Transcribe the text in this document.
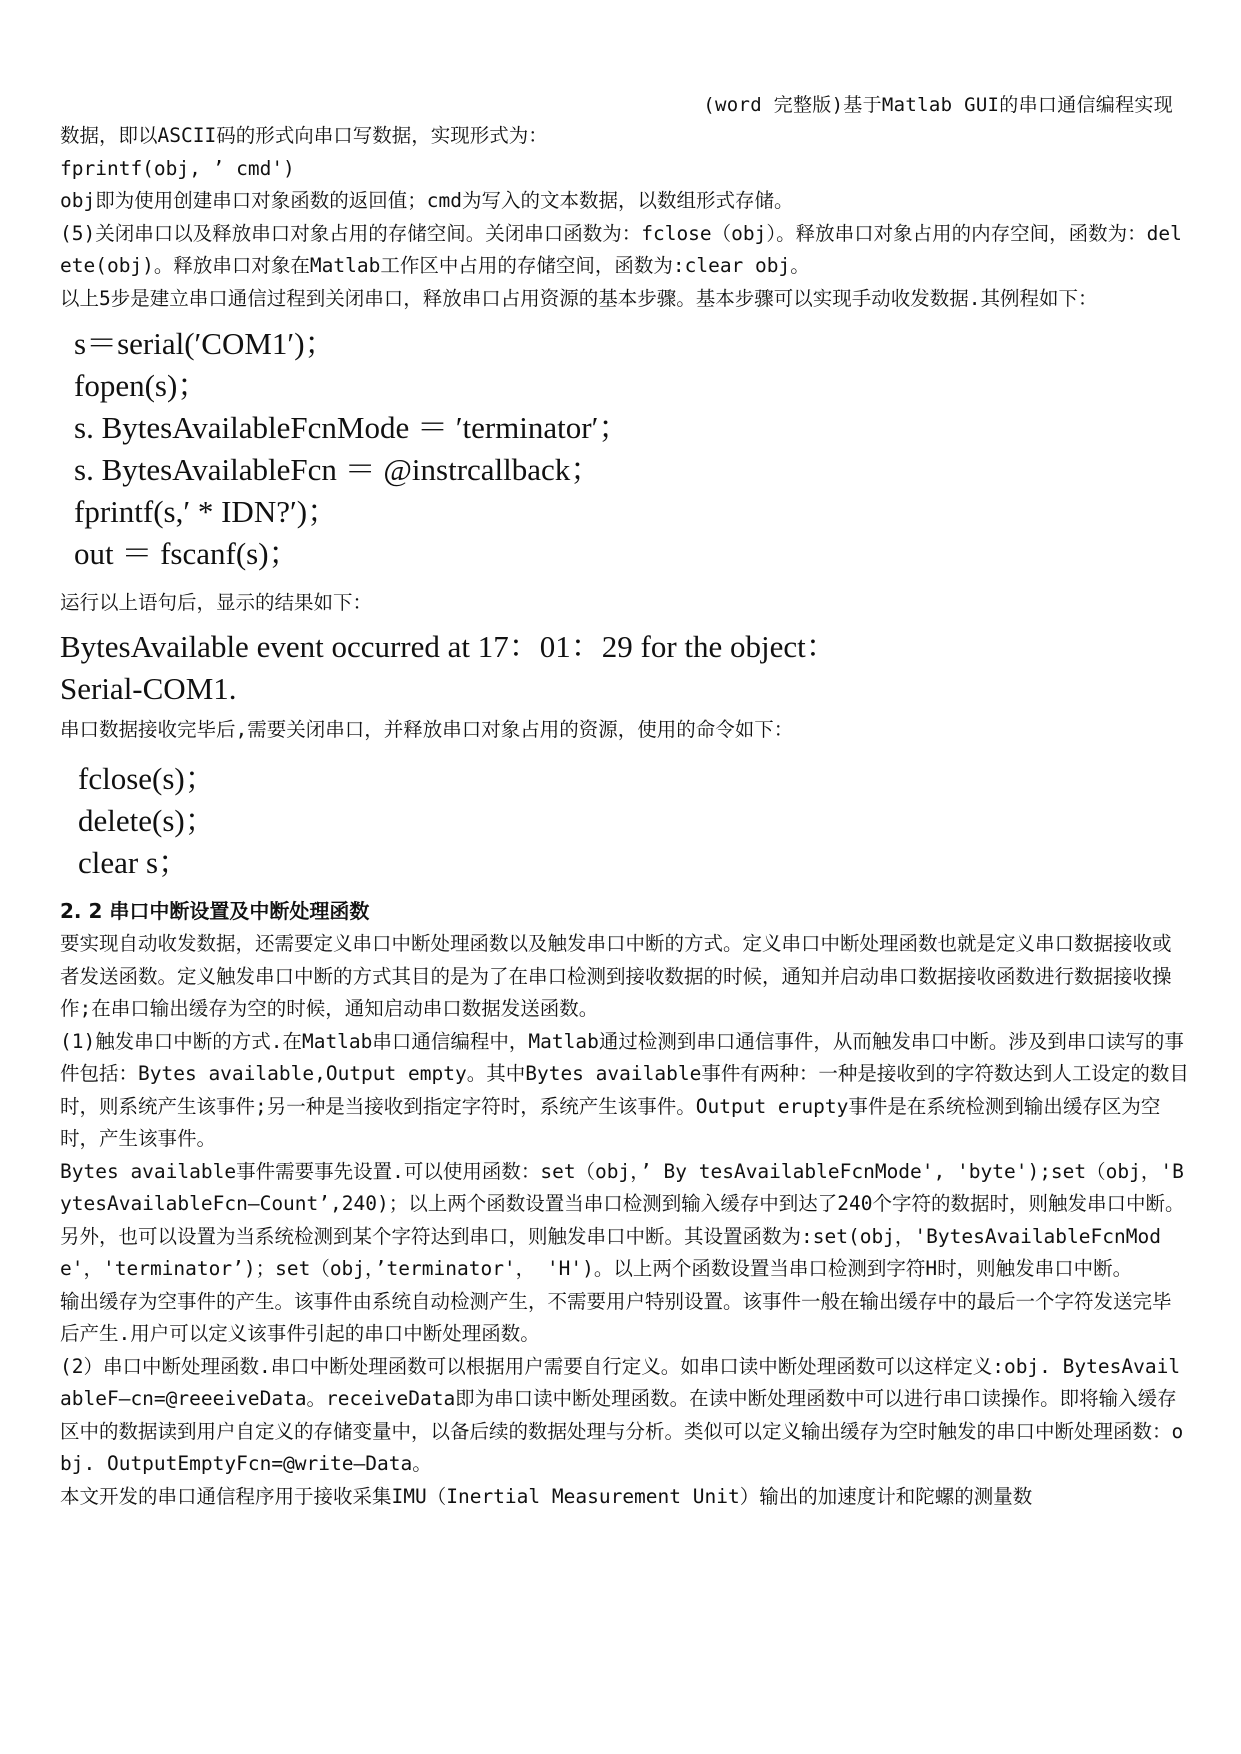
(word 完整版)基于Matlab GUI的串口通信编程实现

数据，即以ASCII码的形式向串口写数据，实现形式为：

fprintf(obj, ’ cmd')

obj即为使用创建串口对象函数的返回值；cmd为写入的文本数据，以数组形式存储。

(5)关闭串口以及释放串口对象占用的存储空间。关闭串口函数为：fclose（obj）。释放串口对象占用的内存空间，函数为：delete(obj)。释放串口对象在Matlab工作区中占用的存储空间，函数为:clear obj。

以上5步是建立串口通信过程到关闭串口，释放串口占用资源的基本步骤。基本步骤可以实现手动收发数据.其例程如下：

s＝serial(′COM1′)；

fopen(s)；

s. BytesAvailableFcnMode ＝ ′terminator′；

s. BytesAvailableFcn ＝ @instrcallback；

fprintf(s,′ * IDN?′)；

out ＝ fscanf(s)；

运行以上语句后，显示的结果如下：

BytesAvailable event occurred at 17：01：29 for the object：

Serial-COM1.

串口数据接收完毕后,需要关闭串口，并释放串口对象占用的资源，使用的命令如下：

fclose(s)；

delete(s)；

clear s；

2. 2 串口中断设置及中断处理函数

要实现自动收发数据，还需要定义串口中断处理函数以及触发串口中断的方式。定义串口中断处理函数也就是定义串口数据接收或者发送函数。定义触发串口中断的方式其目的是为了在串口检测到接收数据的时候，通知并启动串口数据接收函数进行数据接收操作;在串口输出缓存为空的时候，通知启动串口数据发送函数。

(1)触发串口中断的方式.在Matlab串口通信编程中，Matlab通过检测到串口通信事件，从而触发串口中断。涉及到串口读写的事件包括：Bytes available,Output empty。其中Bytes available事件有两种：一种是接收到的字符数达到人工设定的数目时，则系统产生该事件;另一种是当接收到指定字符时，系统产生该事件。Output erupty事件是在系统检测到输出缓存区为空时，产生该事件。

Bytes available事件需要事先设置.可以使用函数：set（obj，’ By tesAvailableFcnMode', 'byte');set（obj，'BytesAvailableFcn—Count’,240)；以上两个函数设置当串口检测到输入缓存中到达了240个字符的数据时，则触发串口中断。另外，也可以设置为当系统检测到某个字符达到串口，则触发串口中断。其设置函数为:set(obj，'BytesAvailableFcnMode'，'terminator’)；set（obj，’terminator'， 'H')。以上两个函数设置当串口检测到字符H时，则触发串口中断。

输出缓存为空事件的产生。该事件由系统自动检测产生，不需要用户特别设置。该事件一般在输出缓存中的最后一个字符发送完毕后产生.用户可以定义该事件引起的串口中断处理函数。

(2）串口中断处理函数.串口中断处理函数可以根据用户需要自行定义。如串口读中断处理函数可以这样定义:obj. BytesAvailableF—cn=@reeeiveData。receiveData即为串口读中断处理函数。在读中断处理函数中可以进行串口读操作。即将输入缓存区中的数据读到用户自定义的存储变量中，以备后续的数据处理与分析。类似可以定义输出缓存为空时触发的串口中断处理函数：obj. OutputEmptyFcn=@write—Data。

本文开发的串口通信程序用于接收采集IMU（Inertial Measurement Unit）输出的加速度计和陀螺的测量数
